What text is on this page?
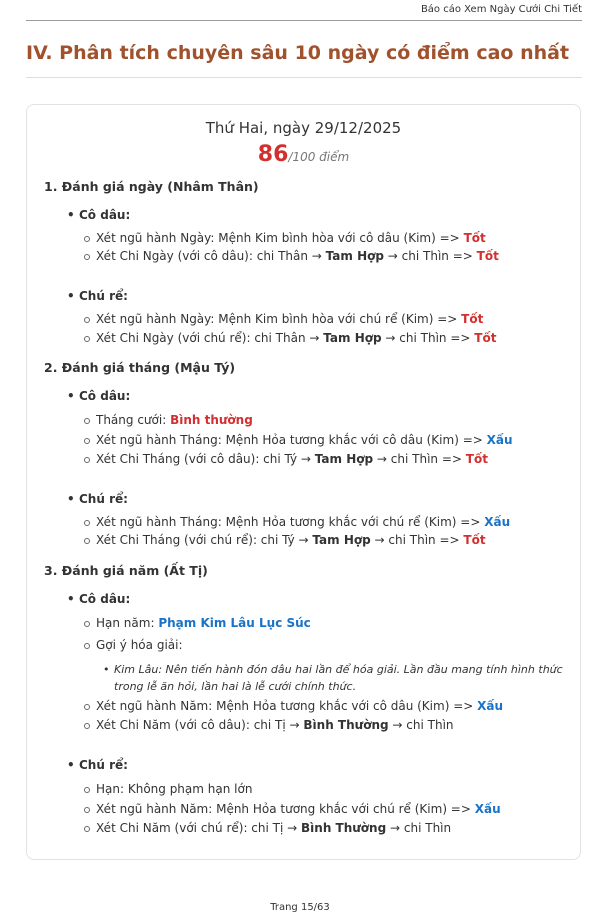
Báo cáo Xem Ngày Cưới Chi Tiết
IV. Phân tích chuyên sâu 10 ngày có điểm cao nhất
Thứ Hai, ngày 29/12/2025
86/100 điểm
1. Đánh giá ngày (Nhâm Thân)
• Cô dâu:
Xét ngũ hành Ngày: Mệnh Kim bình hòa với cô dâu (Kim) => Tốt
Xét Chi Ngày (với cô dâu): chi Thân → Tam Hợp → chi Thìn => Tốt
• Chú rể:
Xét ngũ hành Ngày: Mệnh Kim bình hòa với chú rể (Kim) => Tốt
Xét Chi Ngày (với chú rể): chi Thân → Tam Hợp → chi Thìn => Tốt
2. Đánh giá tháng (Mậu Tý)
• Cô dâu:
Tháng cưới: Bình thường
Xét ngũ hành Tháng: Mệnh Hỏa tương khắc với cô dâu (Kim) => Xấu
Xét Chi Tháng (với cô dâu): chi Tý → Tam Hợp → chi Thìn => Tốt
• Chú rể:
Xét ngũ hành Tháng: Mệnh Hỏa tương khắc với chú rể (Kim) => Xấu
Xét Chi Tháng (với chú rể): chi Tý → Tam Hợp → chi Thìn => Tốt
3. Đánh giá năm (Ất Tị)
• Cô dâu:
Hạn năm: Phạm Kim Lâu Lục Súc
Gợi ý hóa giải:
• Kim Lâu: Nên tiến hành đón dâu hai lần để hóa giải. Lần đầu mang tính hình thức
trong lễ ăn hỏi, lần hai là lễ cưới chính thức.
Xét ngũ hành Năm: Mệnh Hỏa tương khắc với cô dâu (Kim) => Xấu
Xét Chi Năm (với cô dâu): chi Tị → Bình Thường → chi Thìn
• Chú rể:
Hạn: Không phạm hạn lớn
Xét ngũ hành Năm: Mệnh Hỏa tương khắc với chú rể (Kim) => Xấu
Xét Chi Năm (với chú rể): chi Tị → Bình Thường → chi Thìn
Trang 15/63
